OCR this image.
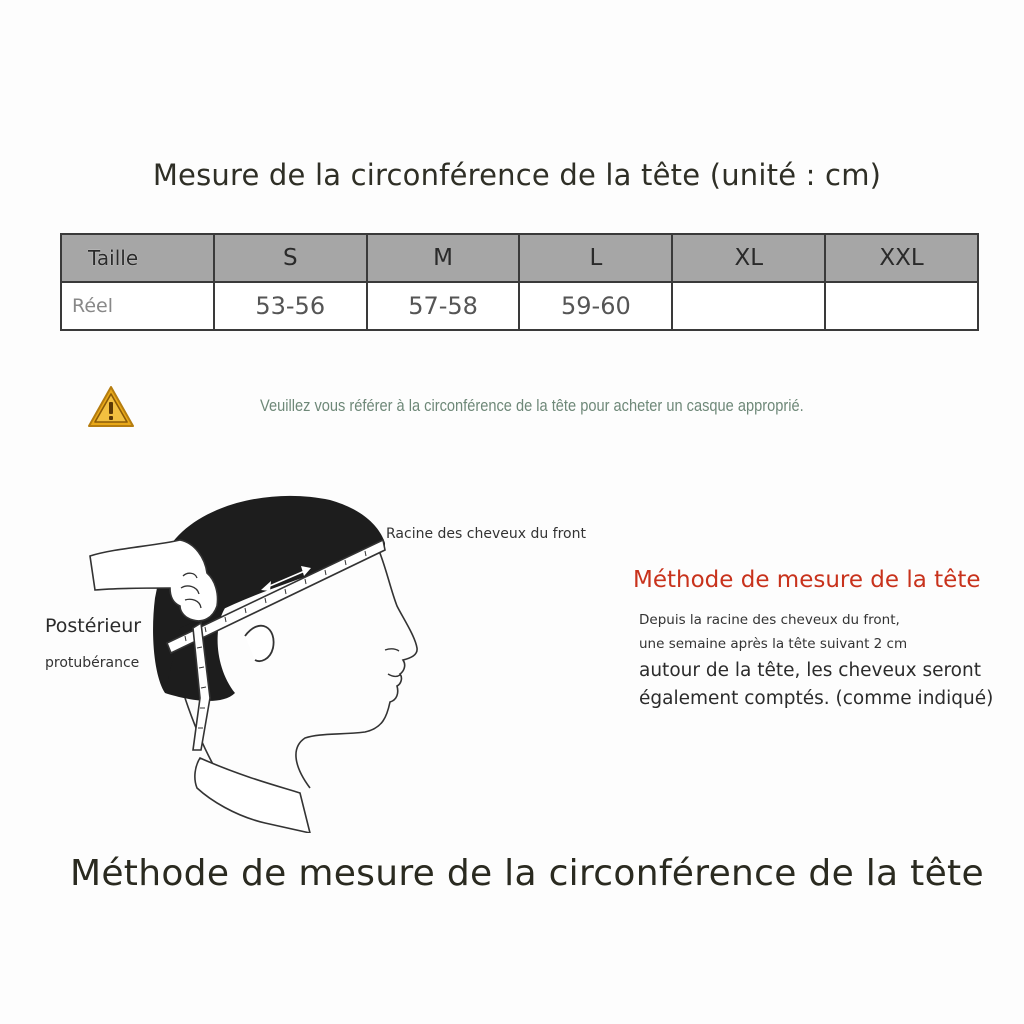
Mesure de la circonférence de la tête (unité : cm)
Taille	S	M	L	XL	XXL
Réel	53-56	57-58	59-60		
Veuillez vous référer à la circonférence de la tête pour acheter un casque approprié.
Racine des cheveux du front
Postérieur
protubérance
Méthode de mesure de la tête
Depuis la racine des cheveux du front,
une semaine après la tête suivant 2 cm
autour de la tête, les cheveux seront
également comptés. (comme indiqué)
Méthode de mesure de la circonférence de la tête
